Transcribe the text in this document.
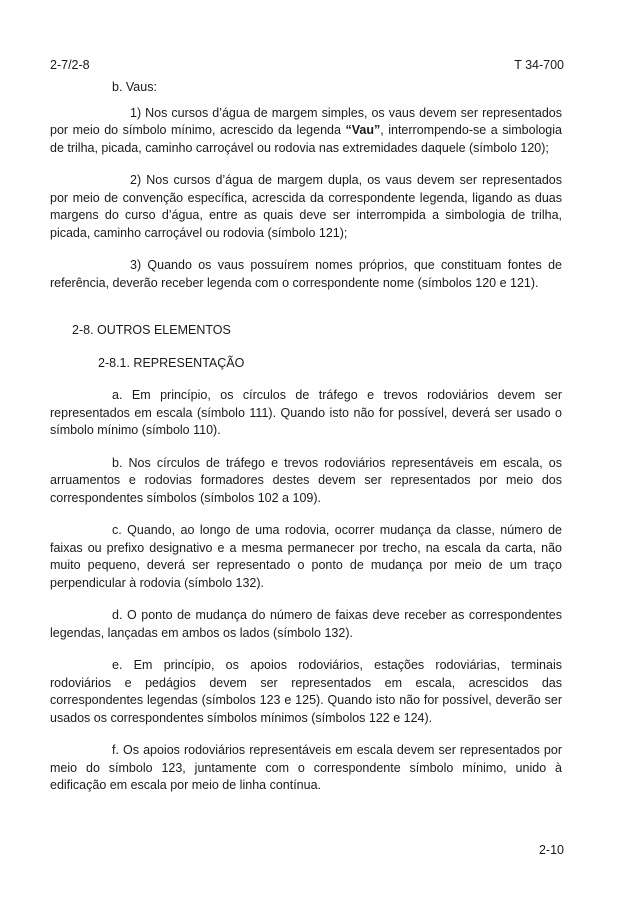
2-7/2-8	T 34-700

b. Vaus:

1) Nos cursos d’água de margem simples, os vaus devem ser representados por meio do símbolo mínimo, acrescido da legenda “Vau”, interrompendo-se a simbologia de trilha, picada, caminho carroçável ou rodovia nas extremidades daquele (símbolo 120);

2) Nos cursos d’água de margem dupla, os vaus devem ser representados por meio de convenção específica, acrescida da correspondente legenda, ligando as duas margens do curso d’água, entre as quais deve ser interrompida a simbologia de trilha, picada, caminho carroçável ou rodovia (símbolo 121);

3) Quando os vaus possuírem nomes próprios, que constituam fontes de referência, deverão receber legenda com o correspondente nome (símbolos 120 e 121).

2-8. OUTROS ELEMENTOS

2-8.1. REPRESENTAÇÃO

a. Em princípio, os círculos de tráfego e trevos rodoviários devem ser representados em escala (símbolo 111). Quando isto não for possível, deverá ser usado o símbolo mínimo (símbolo 110).

b. Nos círculos de tráfego e trevos rodoviários representáveis em escala, os arruamentos e rodovias formadores destes devem ser representados por meio dos correspondentes símbolos (símbolos 102 a 109).

c. Quando, ao longo de uma rodovia, ocorrer mudança da classe, número de faixas ou prefixo designativo e a mesma permanecer por trecho, na escala da carta, não muito pequeno, deverá ser representado o ponto de mudança por meio de um traço perpendicular à rodovia (símbolo 132).

d. O ponto de mudança do número de faixas deve receber as correspondentes legendas, lançadas em ambos os lados (símbolo 132).

e. Em princípio, os apoios rodoviários, estações rodoviárias, terminais rodoviários e pedágios devem ser representados em escala, acrescidos das correspondentes legendas (símbolos 123 e 125). Quando isto não for possível, deverão ser usados os correspondentes símbolos mínimos (símbolos 122 e 124).

f. Os apoios rodoviários representáveis em escala devem ser representados por meio do símbolo 123, juntamente com o correspondente símbolo mínimo, unido à edificação em escala por meio de linha contínua.

2-10
